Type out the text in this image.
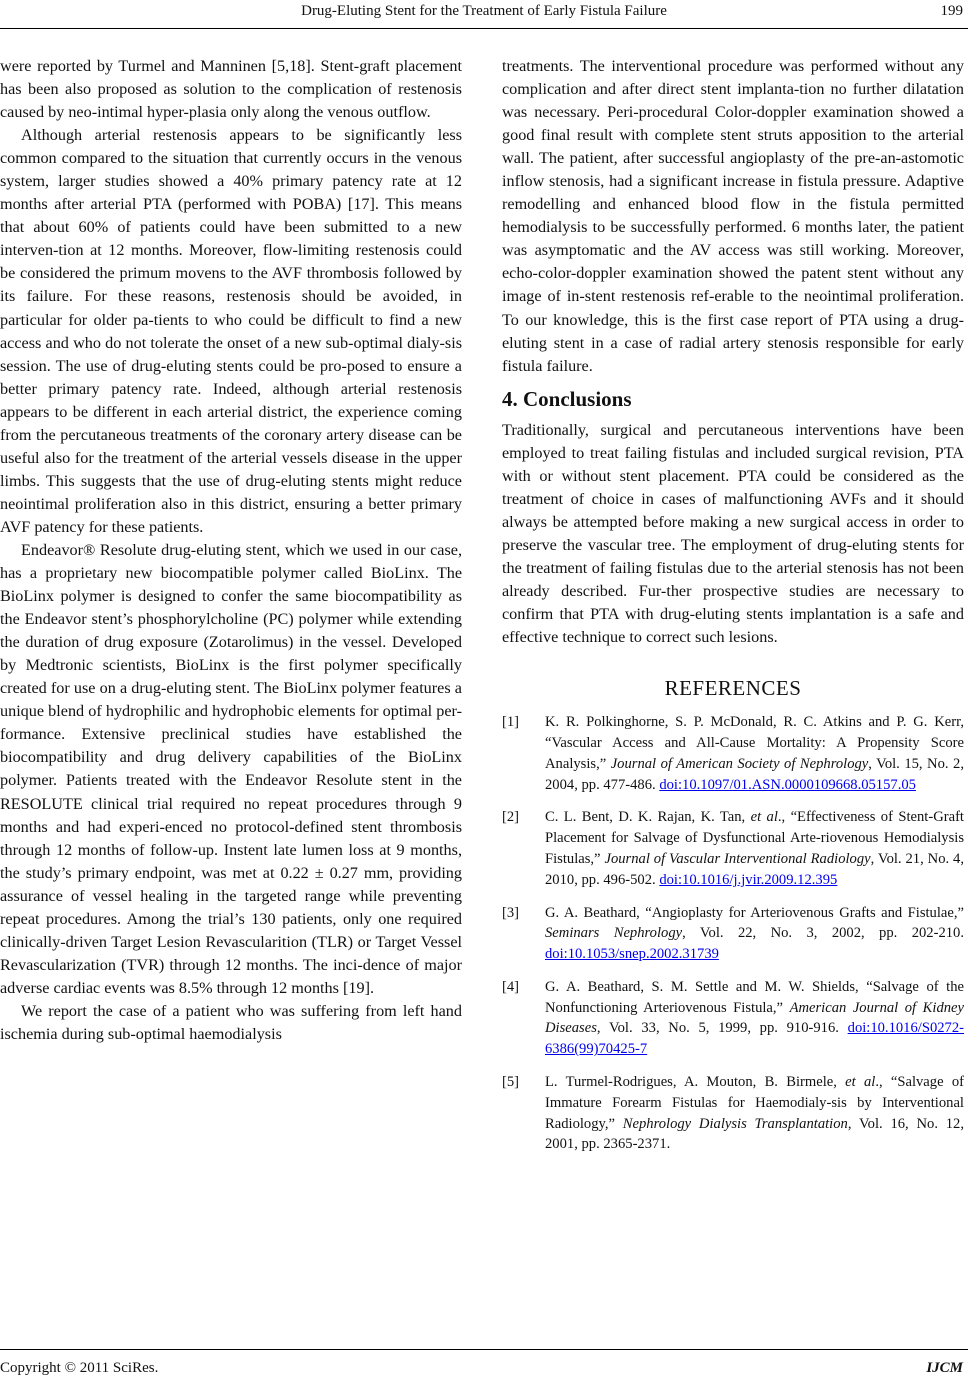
Drug-Eluting Stent for the Treatment of Early Fistula Failure	199

were reported by Turmel and Manninen [5,18]. Stent-graft placement has been also proposed as solution to the complication of restenosis caused by neo-intimal hyper-plasia only along the venous outflow.

Although arterial restenosis appears to be significantly less common compared to the situation that currently occurs in the venous system, larger studies showed a 40% primary patency rate at 12 months after arterial PTA (performed with POBA) [17]. This means that about 60% of patients could have been submitted to a new interven-tion at 12 months. Moreover, flow-limiting restenosis could be considered the primum movens to the AVF thrombosis followed by its failure. For these reasons, restenosis should be avoided, in particular for older pa-tients to who could be difficult to find a new access and who do not tolerate the onset of a new sub-optimal dialy-sis session. The use of drug-eluting stents could be pro-posed to ensure a better primary patency rate. Indeed, although arterial restenosis appears to be different in each arterial district, the experience coming from the percutaneous treatments of the coronary artery disease can be useful also for the treatment of the arterial vessels disease in the upper limbs. This suggests that the use of drug-eluting stents might reduce neointimal proliferation also in this district, ensuring a better primary AVF patency for these patients.

Endeavor® Resolute drug-eluting stent, which we used in our case, has a proprietary new biocompatible polymer called BioLinx. The BioLinx polymer is designed to confer the same biocompatibility as the Endeavor stent’s phosphorylcholine (PC) polymer while extending the duration of drug exposure (Zotarolimus) in the vessel. Developed by Medtronic scientists, BioLinx is the first polymer specifically created for use on a drug-eluting stent. The BioLinx polymer features a unique blend of hydrophilic and hydrophobic elements for optimal per-formance. Extensive preclinical studies have established the biocompatibility and drug delivery capabilities of the BioLinx polymer. Patients treated with the Endeavor Resolute stent in the RESOLUTE clinical trial required no repeat procedures through 9 months and had experi-enced no protocol-defined stent thrombosis through 12 months of follow-up. Instent late lumen loss at 9 months, the study’s primary endpoint, was met at 0.22 ± 0.27 mm, providing assurance of vessel healing in the targeted range while preventing repeat procedures. Among the trial’s 130 patients, only one required clinically-driven Target Lesion Revascularition (TLR) or Target Vessel Revascularization (TVR) through 12 months. The inci-dence of major adverse cardiac events was 8.5% through 12 months [19].

We report the case of a patient who was suffering from left hand ischemia during sub-optimal haemodialysis

treatments. The interventional procedure was performed without any complication and after direct stent implanta-tion no further dilatation was necessary. Peri-procedural Color-doppler examination showed a good final result with complete stent struts apposition to the arterial wall. The patient, after successful angioplasty of the pre-an-astomotic inflow stenosis, had a significant increase in fistula pressure. Adaptive remodelling and enhanced blood flow in the fistula permitted hemodialysis to be successfully performed. 6 months later, the patient was asymptomatic and the AV access was still working. Moreover, echo-color-doppler examination showed the patent stent without any image of in-stent restenosis ref-erable to the neointimal proliferation. To our knowledge, this is the first case report of PTA using a drug-eluting stent in a case of radial artery stenosis responsible for early fistula failure.

4. Conclusions

Traditionally, surgical and percutaneous interventions have been employed to treat failing fistulas and included surgical revision, PTA with or without stent placement. PTA could be considered as the treatment of choice in cases of malfunctioning AVFs and it should always be attempted before making a new surgical access in order to preserve the vascular tree. The employment of drug-eluting stents for the treatment of failing fistulas due to the arterial stenosis has not been already described. Fur-ther prospective studies are necessary to confirm that PTA with drug-eluting stents implantation is a safe and effective technique to correct such lesions.

REFERENCES
[1]	K. R. Polkinghorne, S. P. McDonald, R. C. Atkins and P. G. Kerr, “Vascular Access and All-Cause Mortality: A Propensity Score Analysis,” Journal of American Society of Nephrology, Vol. 15, No. 2, 2004, pp. 477-486. doi:10.1097/01.ASN.0000109668.05157.05
[2]	C. L. Bent, D. K. Rajan, K. Tan, et al., “Effectiveness of Stent-Graft Placement for Salvage of Dysfunctional Arte-riovenous Hemodialysis Fistulas,” Journal of Vascular Interventional Radiology, Vol. 21, No. 4, 2010, pp. 496-502. doi:10.1016/j.jvir.2009.12.395
[3]	G. A. Beathard, “Angioplasty for Arteriovenous Grafts and Fistulae,” Seminars Nephrology, Vol. 22, No. 3, 2002, pp. 202-210. doi:10.1053/snep.2002.31739
[4]	G. A. Beathard, S. M. Settle and M. W. Shields, “Salvage of the Nonfunctioning Arteriovenous Fistula,” American Journal of Kidney Diseases, Vol. 33, No. 5, 1999, pp. 910-916. doi:10.1016/S0272-6386(99)70425-7
[5]	L. Turmel-Rodrigues, A. Mouton, B. Birmele, et al., “Salvage of Immature Forearm Fistulas for Haemodialy-sis by Interventional Radiology,” Nephrology Dialysis Transplantation, Vol. 16, No. 12, 2001, pp. 2365-2371.
Copyright © 2011 SciRes.	IJCM
